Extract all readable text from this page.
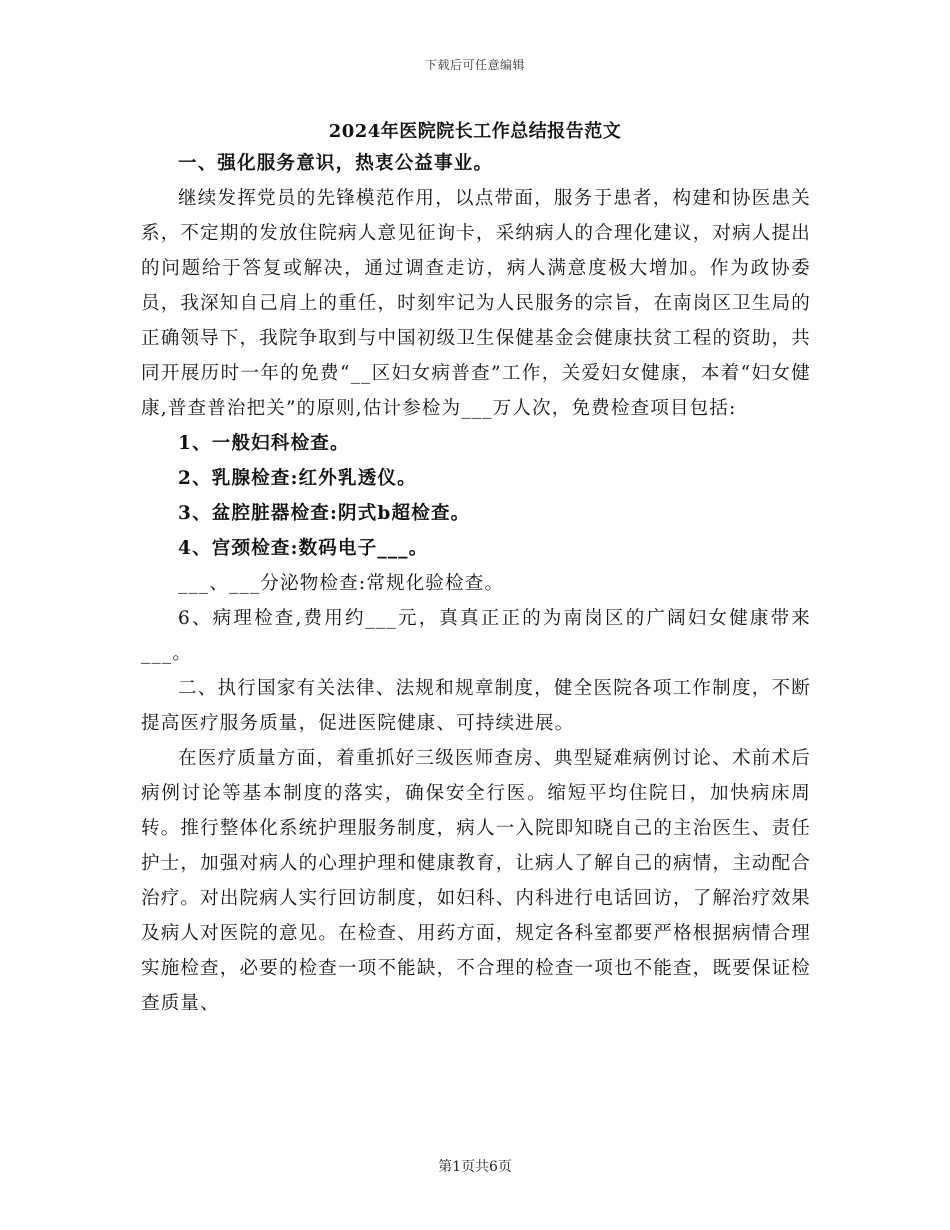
下载后可任意编辑
2024年医院院长工作总结报告范文

一、强化服务意识，热衷公益事业。

继续发挥党员的先锋模范作用，以点带面，服务于患者，构建和协医患关系，不定期的发放住院病人意见征询卡，采纳病人的合理化建议，对病人提出的问题给于答复或解决，通过调查走访，病人满意度极大增加。作为政协委员，我深知自己肩上的重任，时刻牢记为人民服务的宗旨，在南岗区卫生局的正确领导下，我院争取到与中国初级卫生保健基金会健康扶贫工程的资助，共同开展历时一年的免费“__区妇女病普查”工作，关爱妇女健康，本着“妇女健康,普查普治把关”的原则,估计参检为___万人次，免费检查项目包括:

1、一般妇科检查。

2、乳腺检查:红外乳透仪。

3、盆腔脏器检查:阴式b超检查。

4、宫颈检查:数码电子___。

___、___分泌物检查:常规化验检查。

6、病理检查,费用约___元，真真正正的为南岗区的广阔妇女健康带来___。

二、执行国家有关法律、法规和规章制度，健全医院各项工作制度，不断提高医疗服务质量，促进医院健康、可持续进展。

在医疗质量方面，着重抓好三级医师查房、典型疑难病例讨论、术前术后病例讨论等基本制度的落实，确保安全行医。缩短平均住院日，加快病床周转。推行整体化系统护理服务制度，病人一入院即知晓自己的主治医生、责任护士，加强对病人的心理护理和健康教育，让病人了解自己的病情，主动配合治疗。对出院病人实行回访制度，如妇科、内科进行电话回访，了解治疗效果及病人对医院的意见。在检查、用药方面，规定各科室都要严格根据病情合理实施检查，必要的检查一项不能缺，不合理的检查一项也不能查，既要保证检查质量、

第1页共6页
